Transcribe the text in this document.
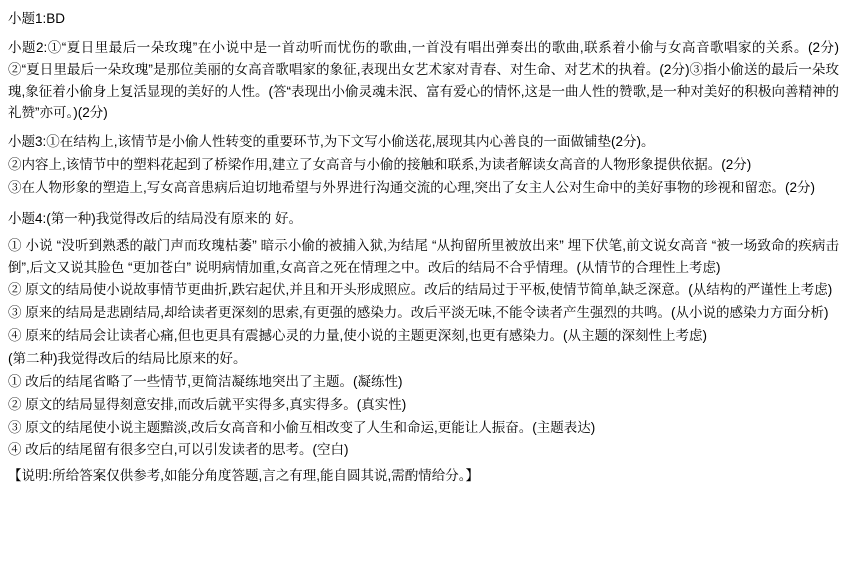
小题1:BD

小题2:①“夏日里最后一朵玫瑰”在小说中是一首动听而忧伤的歌曲,一首没有唱出弹奏出的歌曲,联系着小偷与女高音歌唱家的关系。(2分)②“夏日里最后一朵玫瑰”是那位美丽的女高音歌唱家的象征,表现出女艺术家对青春、对生命、对艺术的执着。(2分)③指小偷送的最后一朵玫瑰,象征着小偷身上复活显现的美好的人性。(答“表现出小偷灵魂未泯、富有爱心的情怀,这是一曲人性的赞歌,是一种对美好的积极向善精神的礼赞”亦可。)(2分)

小题3:①在结构上,该情节是小偷人性转变的重要环节,为下文写小偷送花,展现其内心善良的一面做铺垫(2分)。

②内容上,该情节中的塑料花起到了桥梁作用,建立了女高音与小偷的接触和联系,为读者解读女高音的人物形象提供依据。(2分)

③在人物形象的塑造上,写女高音患病后迫切地希望与外界进行沟通交流的心理,突出了女主人公对生命中的美好事物的珍视和留恋。(2分)

小题4:(第一种)我觉得改后的结局没有原来的 好。

① 小说 “没听到熟悉的敲门声而玫瑰枯萎” 暗示小偷的被捕入狱,为结尾 “从拘留所里被放出来” 埋下伏笔,前文说女高音 “被一场致命的疾病击倒”,后文又说其脸色 “更加苍白” 说明病情加重,女高音之死在情理之中。改后的结局不合乎情理。(从情节的合理性上考虑)

② 原文的结局使小说故事情节更曲折,跌宕起伏,并且和开头形成照应。改后的结局过于平板,使情节简单,缺乏深意。(从结构的严谨性上考虑)

③ 原来的结局是悲剧结局,却给读者更深刻的思索,有更强的感染力。改后平淡无味,不能令读者产生强烈的共鸣。(从小说的感染力方面分析)

④ 原来的结局会让读者心痛,但也更具有震撼心灵的力量,使小说的主题更深刻,也更有感染力。(从主题的深刻性上考虑)

(第二种)我觉得改后的结局比原来的好。

① 改后的结尾省略了一些情节,更简洁凝练地突出了主题。(凝练性)

② 原文的结局显得刻意安排,而改后就平实得多,真实得多。(真实性)

③ 原文的结尾使小说主题黯淡,改后女高音和小偷互相改变了人生和命运,更能让人振奋。(主题表达)

④ 改后的结尾留有很多空白,可以引发读者的思考。(空白)

【说明:所给答案仅供参考,如能分角度答题,言之有理,能自圆其说,需酌情给分。】
